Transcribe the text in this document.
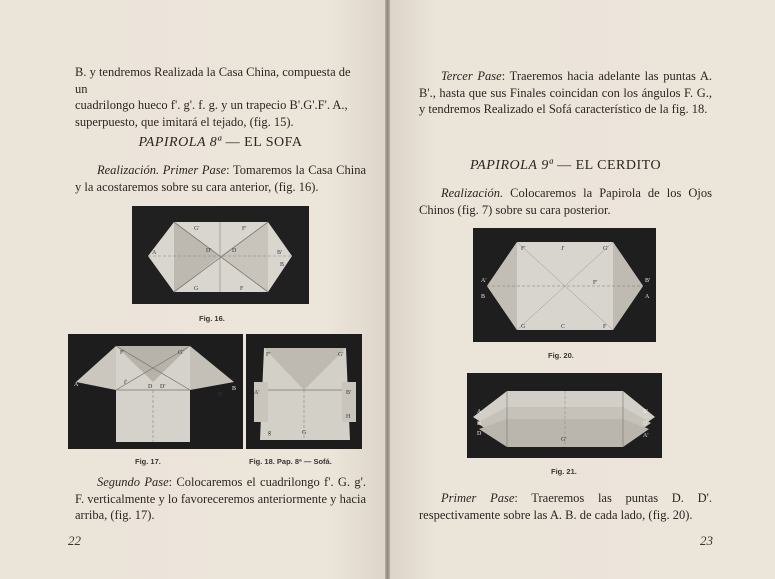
B. y tendremos Realizada la Casa China, compuesta de un
cuadrilongo hueco f'. g'. f. g. y un trapecio B'.G'.F'. A.,
superpuesto, que imitará el tejado, (fig. 15).

PAPIROLA 8ª — EL SOFA

Realización. Primer Pase: Tomaremos la Casa China y la acostaremos sobre su cara anterior, (fig. 16).

G'	F'
D'	D
A	B'
B
G	F

Fig. 16.

F'	G'
A
B
f'
D
B'
D'

Fig. 17.

F'	G'
A'	B'
g	G
H

Fig. 18. Pap. 8ª — Sofá.

Segundo Pase: Colocaremos el cuadrilongo f'. G. g'. F. verticalmente y lo favoreceremos anteriormente y hacia arriba, (fig. 17).

22

Tercer Pase: Traeremos hacia adelante las puntas A. B'., hasta que sus Finales coincidan con los ángulos F. G., y tendremos Realizado el Sofá característico de la fig. 18.

PAPIROLA 9ª — EL CERDITO

Realización. Colocaremos la Papirola de los Ojos Chinos (fig. 7) sobre su cara posterior.

F'	J'	G'
A'	B'
B	A
F'
G	C	F

Fig. 20.

A
B
D
B'
D'
A'
G'

Fig. 21.

Primer Pase: Traeremos las puntas D. D'. respectivamente sobre las A. B. de cada lado, (fig. 20).

23
